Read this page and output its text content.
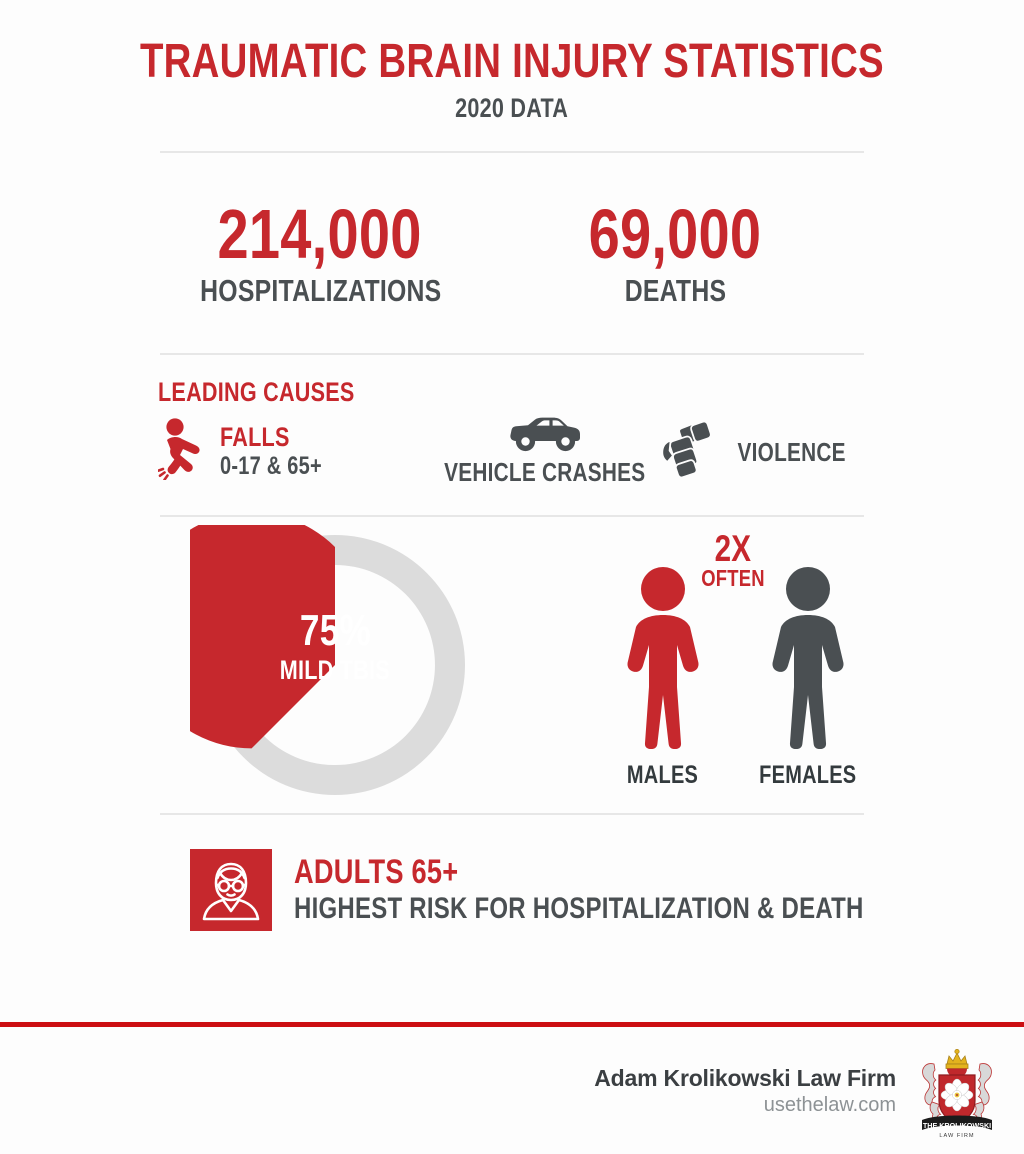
TRAUMATIC BRAIN INJURY STATISTICS
2020 DATA
214,000
HOSPITALIZATIONS
69,000
DEATHS
LEADING CAUSES
FALLS
0-17 & 65+	VEHICLE CRASHES
VIOLENCE
75%
MILD TBIS
2X
OFTEN
MALES	FEMALES
ADULTS 65+
HIGHEST RISK FOR HOSPITALIZATION & DEATH
Adam Krolikowski Law Firm
usethelaw.com
THE KROLIKOWSKI
LAW FIRM
